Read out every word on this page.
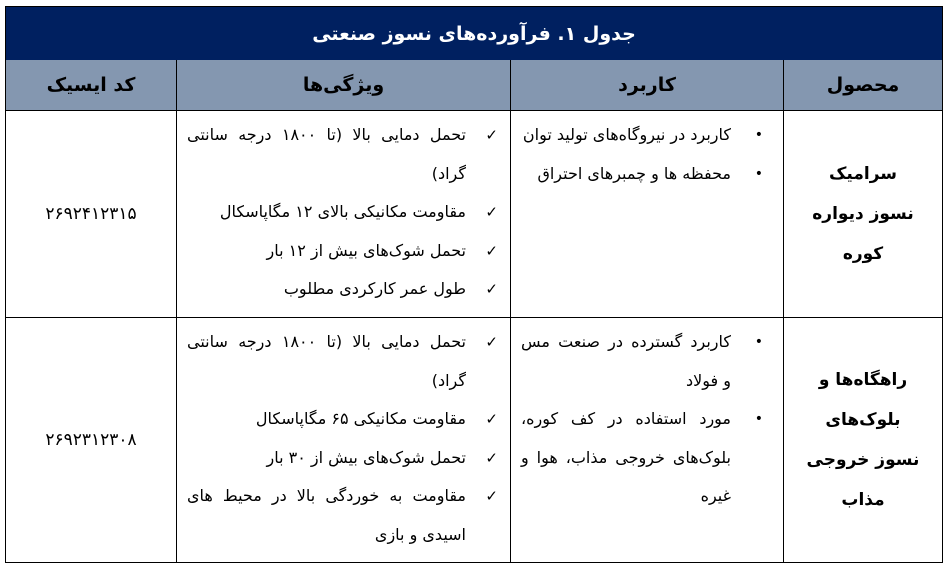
جدول ۱. فرآورده‌های نسوز صنعتی
محصول
کاربرد
ویژگی‌ها
کد ایسیک
سرامیک نسوز دیواره کوره
•
کاربرد در نیروگاه‌های تولید توان
•
محفظه ها و چمبرهای احتراق
✓
تحمل دمایی بالا (تا ۱۸۰۰ درجه سانتی گراد)
✓
مقاومت مکانیکی بالای ۱۲ مگاپاسکال
✓
تحمل شوک‌های بیش از ۱۲ بار
✓
طول عمر کارکردی مطلوب
۲۶۹۲۴۱۲۳۱۵
راهگاه‌ها و بلوک‌های نسوز خروجی مذاب
•
کاربرد گسترده در صنعت مس و فولاد
•
مورد استفاده در کف کوره، بلوک‌های خروجی مذاب، هوا و غیره
✓
تحمل دمایی بالا (تا ۱۸۰۰ درجه سانتی گراد)
✓
مقاومت مکانیکی ۶۵ مگاپاسکال
✓
تحمل شوک‌های بیش از ۳۰ بار
✓
مقاومت به خوردگی بالا در محیط های اسیدی و بازی
۲۶۹۲۳۱۲۳۰۸
